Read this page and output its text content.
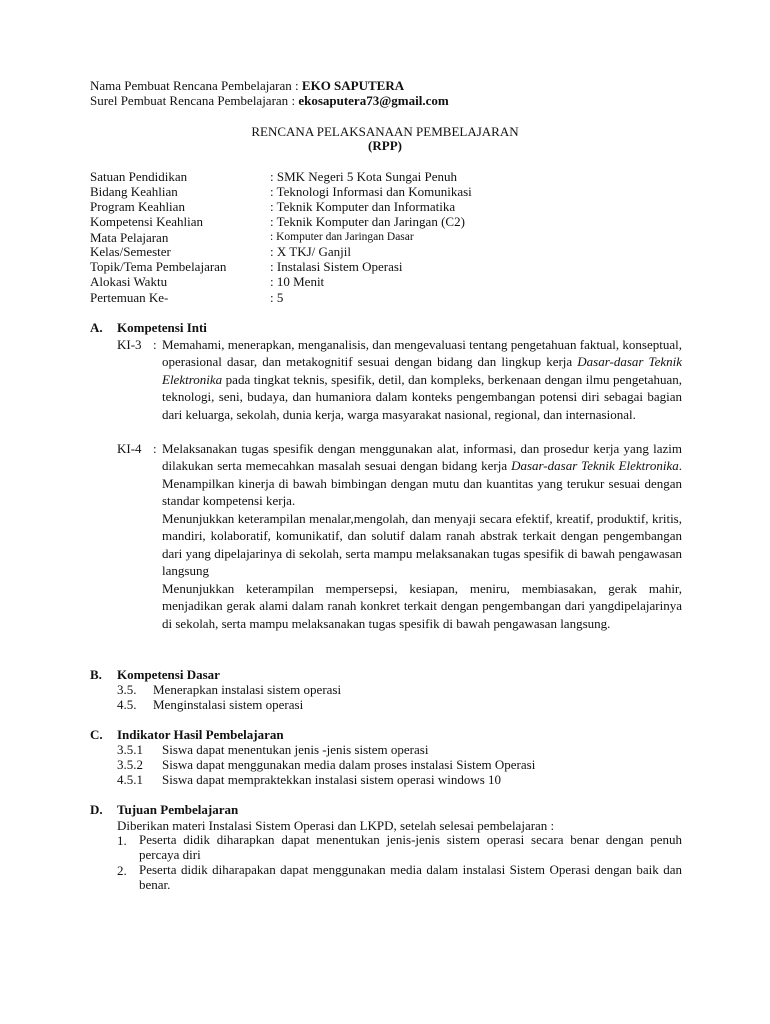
Nama Pembuat Rencana Pembelajaran : EKO SAPUTERA
Surel Pembuat Rencana Pembelajaran : ekosaputera73@gmail.com
RENCANA PELAKSANAAN PEMBELAJARAN
(RPP)
Satuan Pendidikan	: SMK Negeri 5 Kota Sungai Penuh
Bidang Keahlian	: Teknologi Informasi dan Komunikasi
Program Keahlian	: Teknik Komputer dan Informatika
Kompetensi Keahlian	: Teknik Komputer dan Jaringan (C2)
Mata Pelajaran	: Komputer dan Jaringan Dasar
Kelas/Semester	: X TKJ/ Ganjil
Topik/Tema Pembelajaran	: Instalasi Sistem Operasi
Alokasi Waktu	: 10 Menit
Pertemuan Ke-	: 5
A. Kompetensi Inti
KI-3 : Memahami, menerapkan, menganalisis, dan mengevaluasi tentang pengetahuan faktual, konseptual, operasional dasar, dan metakognitif sesuai dengan bidang dan lingkup kerja Dasar-dasar Teknik Elektronika pada tingkat teknis, spesifik, detil, dan kompleks, berkenaan dengan ilmu pengetahuan, teknologi, seni, budaya, dan humaniora dalam konteks pengembangan potensi diri sebagai bagian dari keluarga, sekolah, dunia kerja, warga masyarakat nasional, regional, dan internasional.
KI-4 : Melaksanakan tugas spesifik dengan menggunakan alat, informasi, dan prosedur kerja yang lazim dilakukan serta memecahkan masalah sesuai dengan bidang kerja Dasar-dasar Teknik Elektronika. Menampilkan kinerja di bawah bimbingan dengan mutu dan kuantitas yang terukur sesuai dengan standar kompetensi kerja.
Menunjukkan keterampilan menalar,mengolah, dan menyaji secara efektif, kreatif, produktif, kritis, mandiri, kolaboratif, komunikatif, dan solutif dalam ranah abstrak terkait dengan pengembangan dari yang dipelajarinya di sekolah, serta mampu melaksanakan tugas spesifik di bawah pengawasan langsung
Menunjukkan keterampilan mempersepsi, kesiapan, meniru, membiasakan, gerak mahir, menjadikan gerak alami dalam ranah konkret terkait dengan pengembangan dari yangdipelajarinya di sekolah, serta mampu melaksanakan tugas spesifik di bawah pengawasan langsung.
B. Kompetensi Dasar
3.5. Menerapkan instalasi sistem operasi
4.5. Menginstalasi sistem operasi
C. Indikator Hasil Pembelajaran
3.5.1 Siswa dapat menentukan jenis -jenis sistem operasi
3.5.2 Siswa dapat menggunakan media dalam proses instalasi Sistem Operasi
4.5.1 Siswa dapat mempraktekkan instalasi sistem operasi windows 10
D. Tujuan Pembelajaran
Diberikan materi Instalasi Sistem Operasi dan LKPD, setelah selesai pembelajaran :
1. Peserta didik diharapkan dapat menentukan jenis-jenis sistem operasi secara benar dengan penuh percaya diri
2. Peserta didik diharapakan dapat menggunakan media dalam instalasi Sistem Operasi dengan baik dan benar.
